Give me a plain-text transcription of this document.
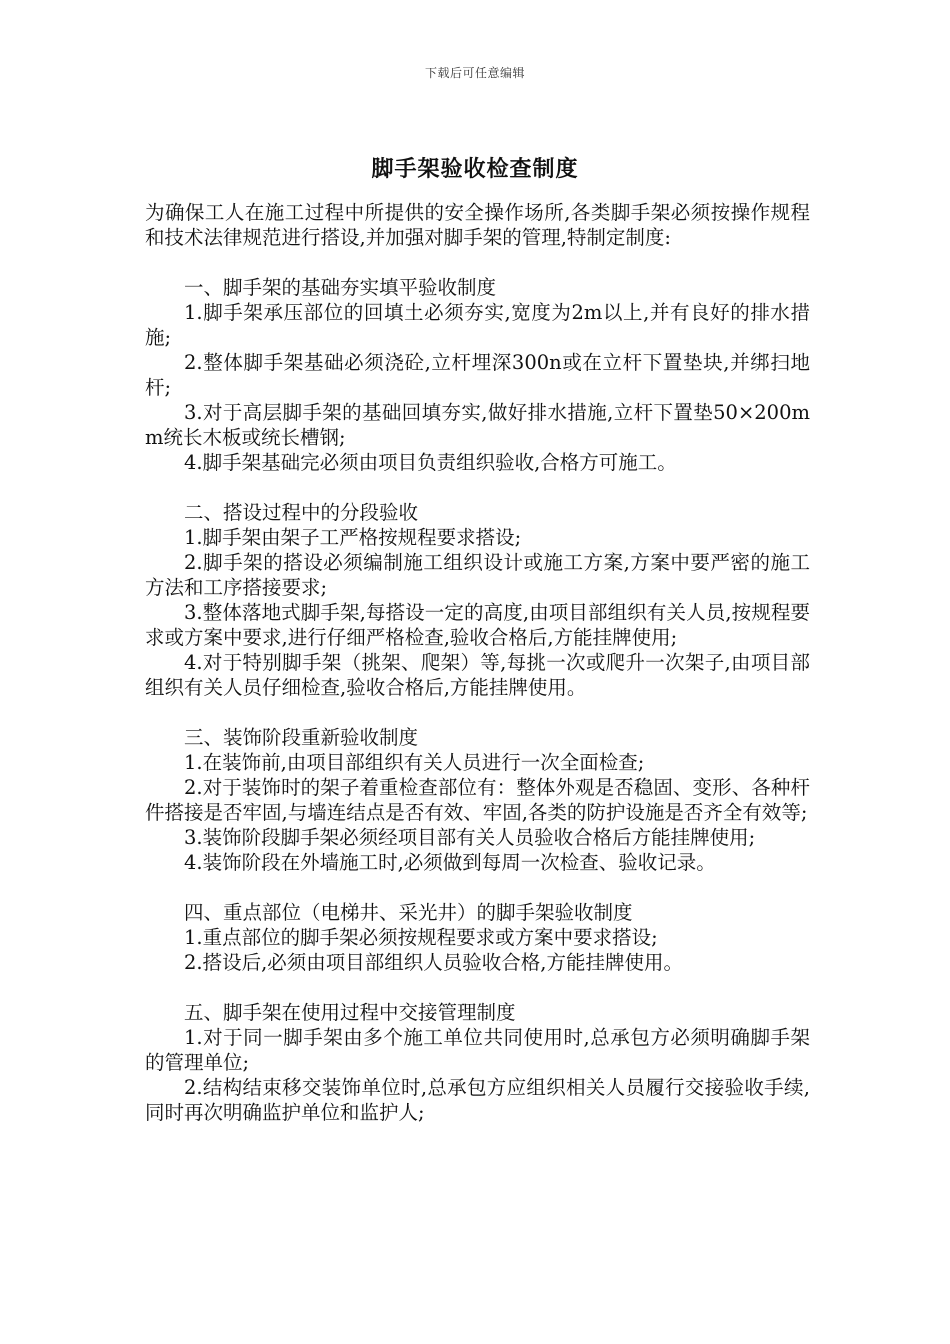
下载后可任意编辑
脚手架验收检查制度

为确保工人在施工过程中所提供的安全操作场所,各类脚手架必须按操作规程和技术法律规范进行搭设,并加强对脚手架的管理,特制定制度:

一、脚手架的基础夯实填平验收制度

1.脚手架承压部位的回填土必须夯实,宽度为2m以上,并有良好的排水措施;

2.整体脚手架基础必须浇砼,立杆埋深300n或在立杆下置垫块,并绑扫地杆;

3.对于高层脚手架的基础回填夯实,做好排水措施,立杆下置垫50×200mm统长木板或统长槽钢;

4.脚手架基础完必须由项目负责组织验收,合格方可施工。

二、搭设过程中的分段验收

1.脚手架由架子工严格按规程要求搭设;

2.脚手架的搭设必须编制施工组织设计或施工方案,方案中要严密的施工方法和工序搭接要求;

3.整体落地式脚手架,每搭设一定的高度,由项目部组织有关人员,按规程要求或方案中要求,进行仔细严格检查,验收合格后,方能挂牌使用;

4.对于特别脚手架（挑架、爬架）等,每挑一次或爬升一次架子,由项目部组织有关人员仔细检查,验收合格后,方能挂牌使用。

三、装饰阶段重新验收制度

1.在装饰前,由项目部组织有关人员进行一次全面检查;

2.对于装饰时的架子着重检查部位有：整体外观是否稳固、变形、各种杆件搭接是否牢固,与墙连结点是否有效、牢固,各类的防护设施是否齐全有效等;

3.装饰阶段脚手架必须经项目部有关人员验收合格后方能挂牌使用;

4.装饰阶段在外墙施工时,必须做到每周一次检查、验收记录。

四、重点部位（电梯井、采光井）的脚手架验收制度

1.重点部位的脚手架必须按规程要求或方案中要求搭设;

2.搭设后,必须由项目部组织人员验收合格,方能挂牌使用。

五、脚手架在使用过程中交接管理制度

1.对于同一脚手架由多个施工单位共同使用时,总承包方必须明确脚手架的管理单位;

2.结构结束移交装饰单位时,总承包方应组织相关人员履行交接验收手续,同时再次明确监护单位和监护人;
